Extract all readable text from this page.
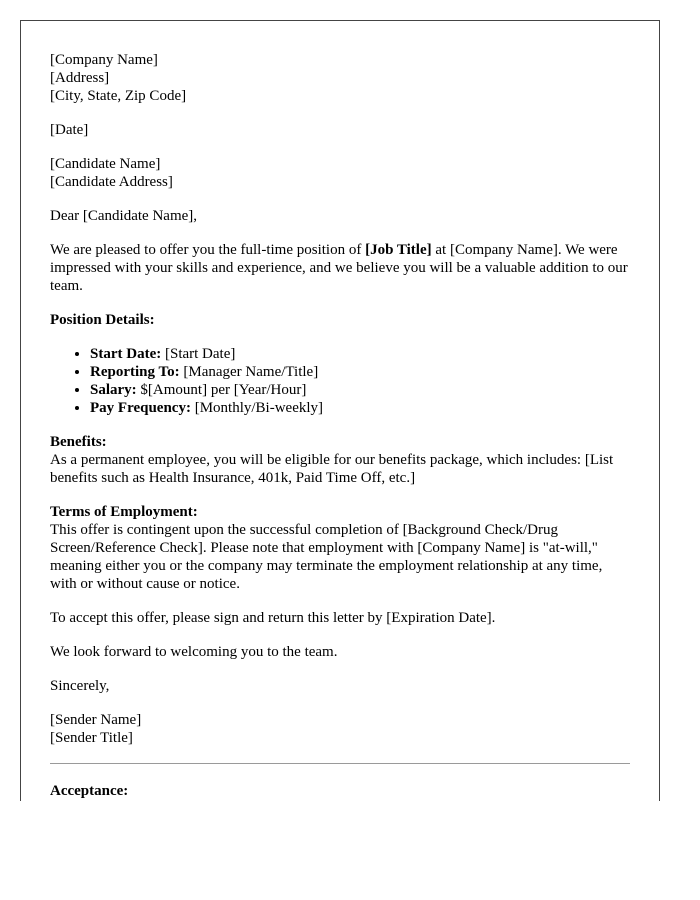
[Company Name]
[Address]
[City, State, Zip Code]

[Date]

[Candidate Name]
[Candidate Address]

Dear [Candidate Name],

We are pleased to offer you the full-time position of [Job Title] at [Company Name]. We were impressed with your skills and experience, and we believe you will be a valuable addition to our team.

Position Details:

• Start Date: [Start Date]
• Reporting To: [Manager Name/Title]
• Salary: $[Amount] per [Year/Hour]
• Pay Frequency: [Monthly/Bi-weekly]
Benefits:
As a permanent employee, you will be eligible for our benefits package, which includes: [List benefits such as Health Insurance, 401k, Paid Time Off, etc.]
Terms of Employment:
This offer is contingent upon the successful completion of [Background Check/Drug Screen/Reference Check]. Please note that employment with [Company Name] is "at-will," meaning either you or the company may terminate the employment relationship at any time, with or without cause or notice.

To accept this offer, please sign and return this letter by [Expiration Date].

We look forward to welcoming you to the team.

Sincerely,

[Sender Name]
[Sender Title]

Acceptance:
